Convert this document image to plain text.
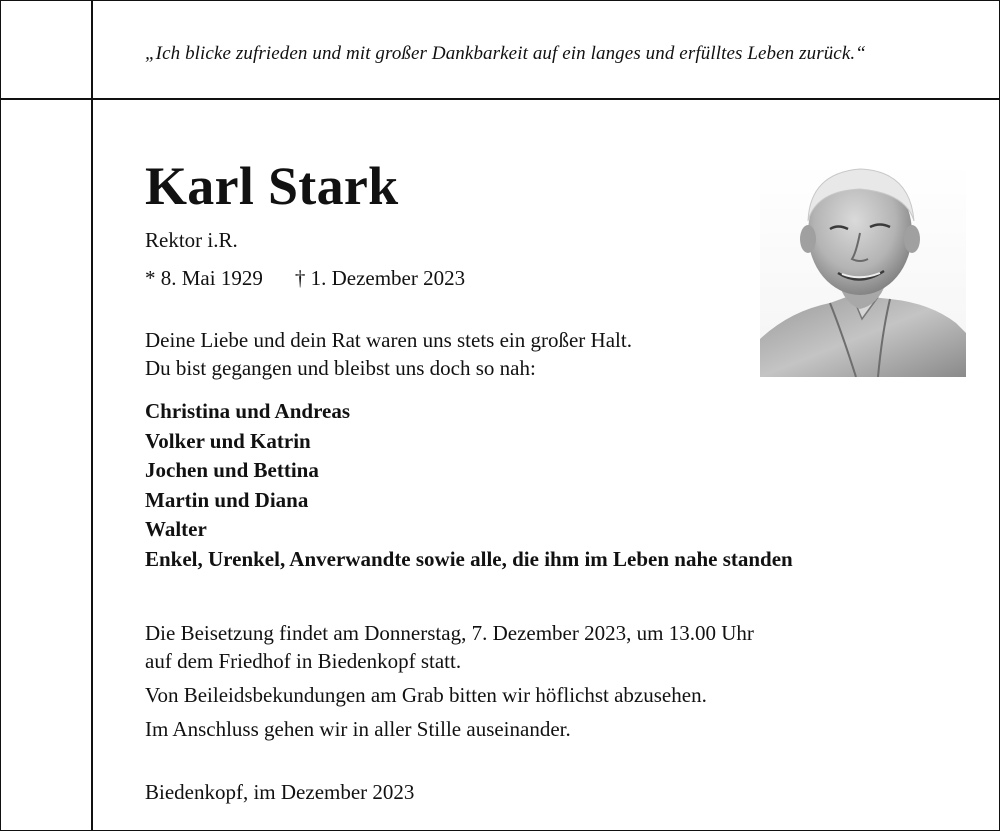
„Ich blicke zufrieden und mit großer Dankbarkeit auf ein langes und erfülltes Leben zurück.“
Karl Stark
Rektor i.R.
* 8. Mai 1929 † 1. Dezember 2023
Deine Liebe und dein Rat waren uns stets ein großer Halt.
Du bist gegangen und bleibst uns doch so nah:
Christina und Andreas
Volker und Katrin
Jochen und Bettina
Martin und Diana
Walter
Enkel, Urenkel, Anverwandte sowie alle, die ihm im Leben nahe standen
Die Beisetzung findet am Donnerstag, 7. Dezember 2023, um 13.00 Uhr
auf dem Friedhof in Biedenkopf statt.
Von Beileidsbekundungen am Grab bitten wir höflichst abzusehen.
Im Anschluss gehen wir in aller Stille auseinander.
Biedenkopf, im Dezember 2023
